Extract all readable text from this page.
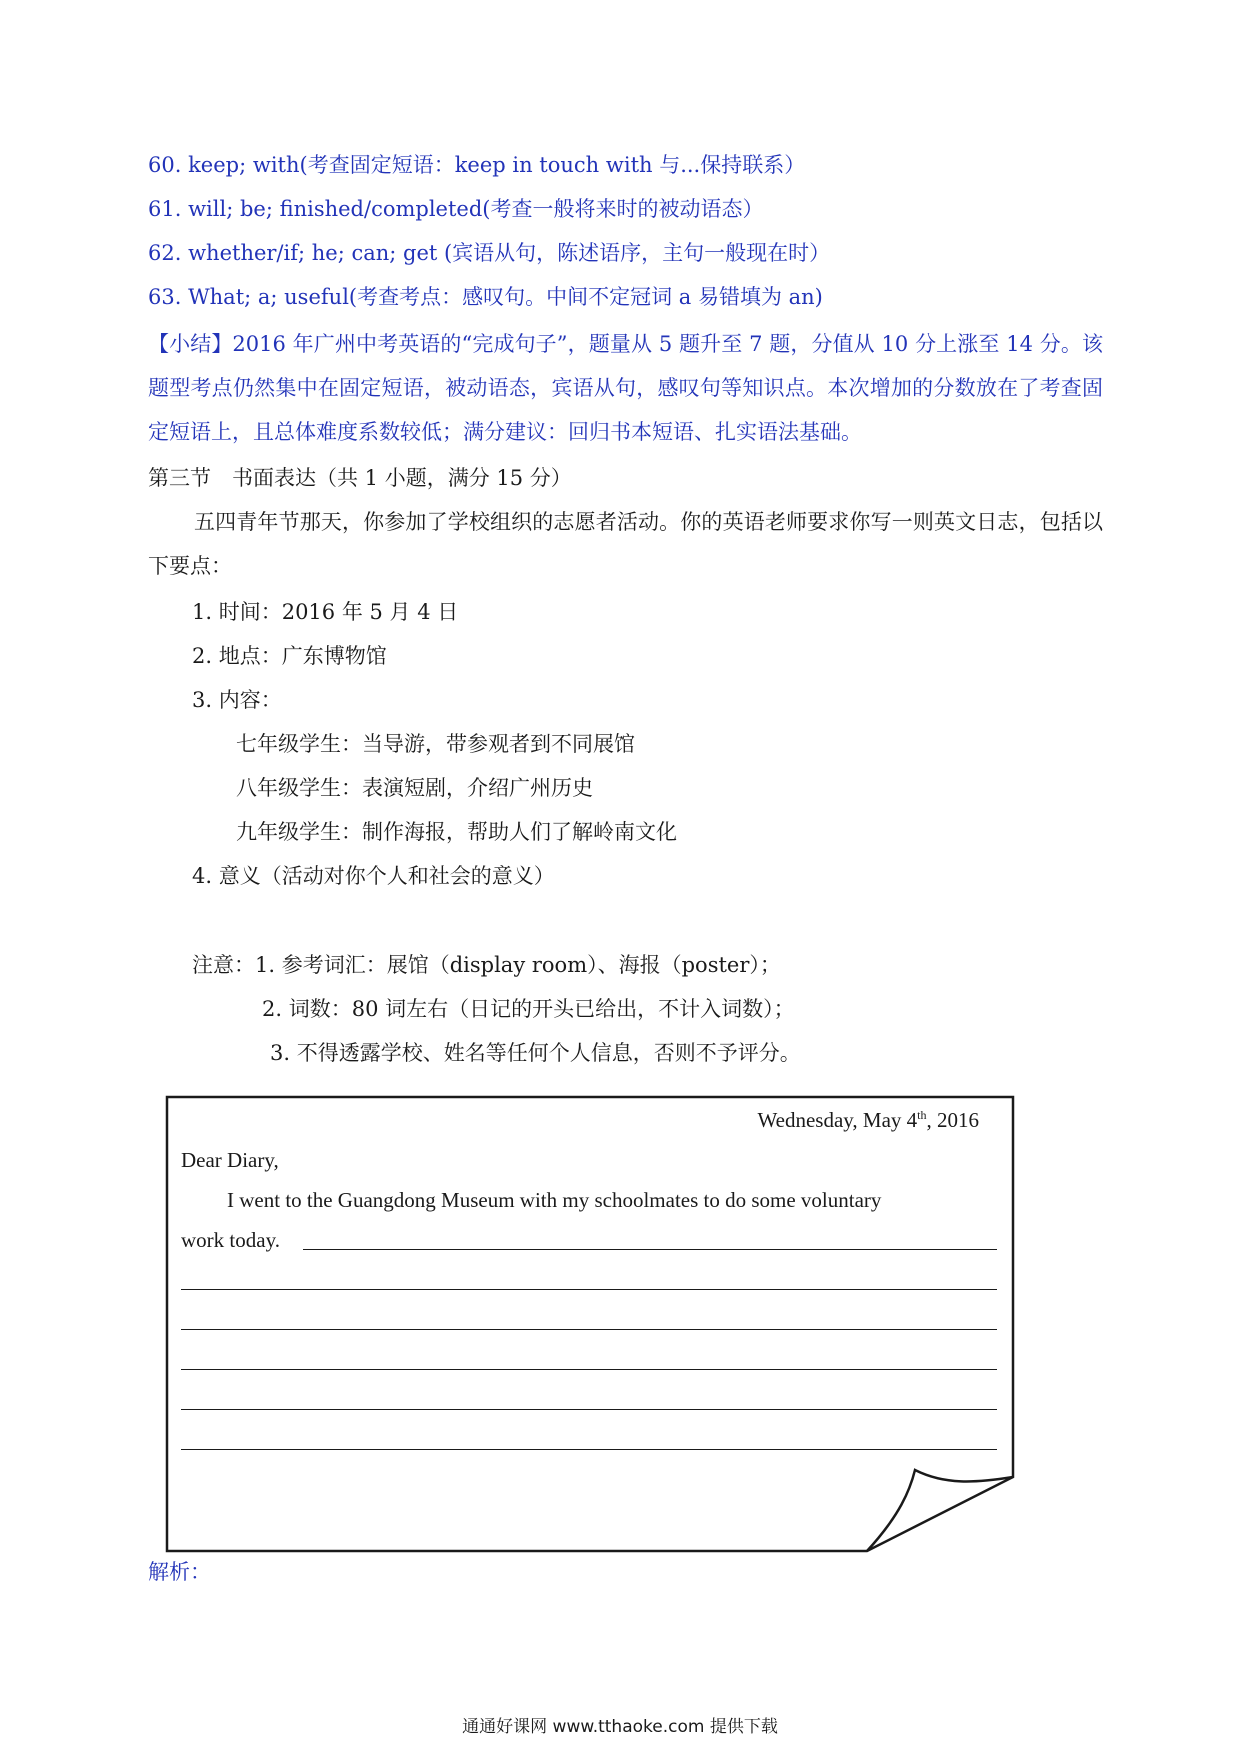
60. keep; with(考查固定短语：keep in touch with 与...保持联系）
61. will; be; finished/completed(考查一般将来时的被动语态）
62. whether/if; he; can; get (宾语从句，陈述语序，主句一般现在时）
63. What; a; useful(考查考点：感叹句。中间不定冠词 a 易错填为 an)
【小结】2016 年广州中考英语的“完成句子”，题量从 5 题升至 7 题，分值从 10 分上涨至 14 分。该题型考点仍然集中在固定短语，被动语态，宾语从句，感叹句等知识点。本次增加的分数放在了考查固定短语上，且总体难度系数较低；满分建议：回归书本短语、扎实语法基础。
第三节　书面表达（共 1 小题，满分 15 分）
五四青年节那天，你参加了学校组织的志愿者活动。你的英语老师要求你写一则英文日志，包括以下要点：
1. 时间：2016 年 5 月 4 日
2. 地点：广东博物馆
3. 内容：
七年级学生：当导游，带参观者到不同展馆
八年级学生：表演短剧，介绍广州历史
九年级学生：制作海报，帮助人们了解岭南文化
4. 意义（活动对你个人和社会的意义）
注意：1. 参考词汇：展馆（display room）、海报（poster）；
2. 词数：80 词左右（日记的开头已给出，不计入词数）；
3. 不得透露学校、姓名等任何个人信息，否则不予评分。
Wednesday, May 4th, 2016
Dear Diary,
I went to the Guangdong Museum with my schoolmates to do some voluntary
work today.
解析：
通通好课网 www.tthaoke.com 提供下载
